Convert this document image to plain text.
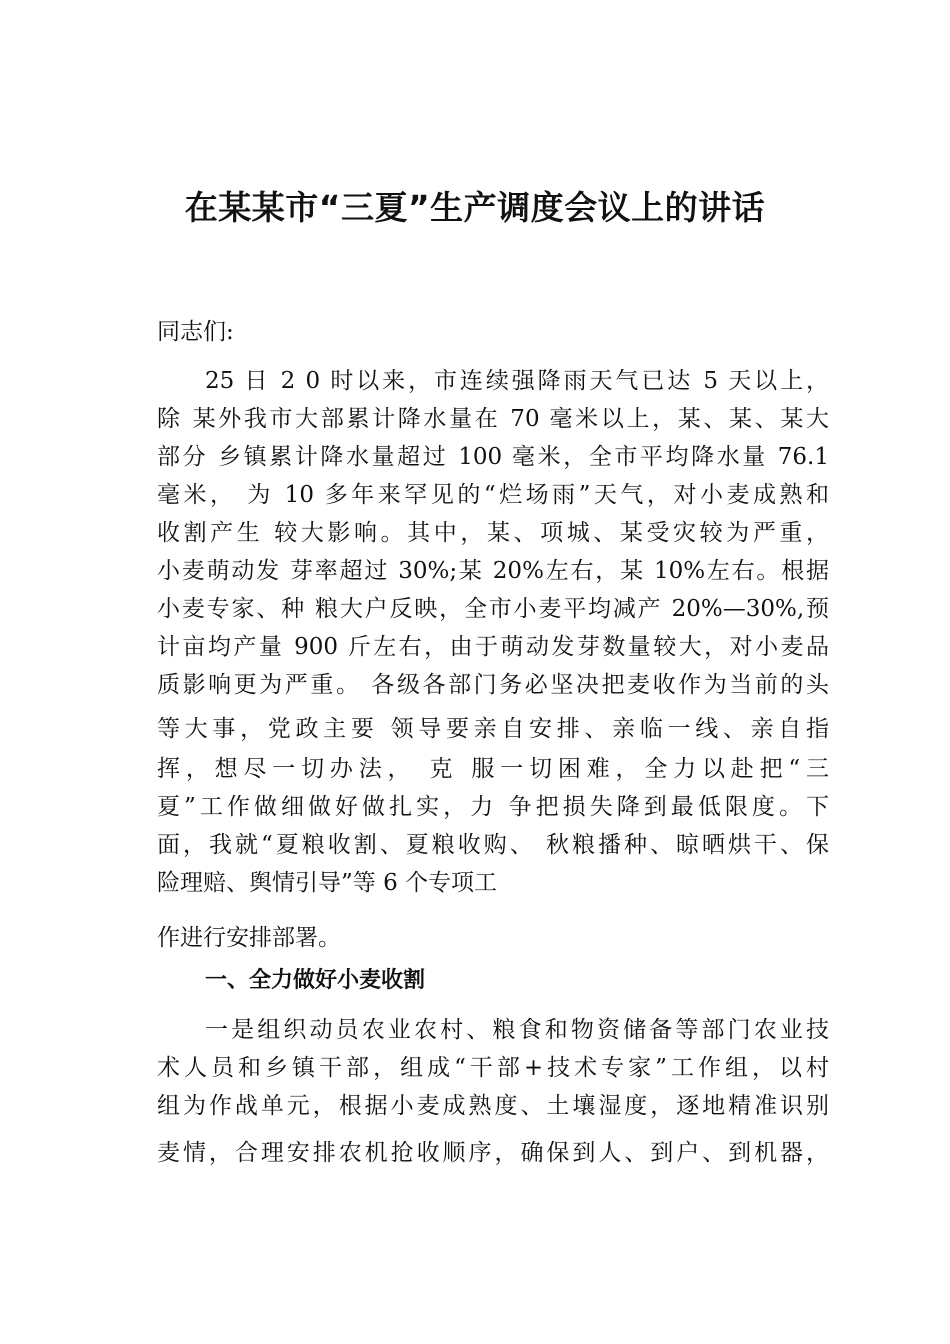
在某某市“三夏”生产调度会议上的讲话
同志们:
25 日 2 0 时以来，市连续强降雨天气已达 5 天以上，
除 某外我市大部累计降水量在 70 毫米以上，某、某、某大
部分 乡镇累计降水量超过 100 毫米，全市平均降水量 76.1
毫米， 为 10 多年来罕见的“烂场雨”天气，对小麦成熟和
收割产生 较大影响。其中，某、项城、某受灾较为严重，
小麦萌动发 芽率超过 30%;某 20%左右，某 10%左右。根据
小麦专家、种 粮大户反映，全市小麦平均减产 20%—30%,预
计亩均产量 900 斤左右，由于萌动发芽数量较大，对小麦品
质影响更为严重。 各级各部门务必坚决把麦收作为当前的头
等大事，党政主要 领导要亲自安排、亲临一线、亲自指
挥，想尽一切办法， 克 服一切困难，全力以赴把“三
夏”工作做细做好做扎实，力 争把损失降到最低限度。下
面，我就“夏粮收割、夏粮收购、 秋粮播种、晾晒烘干、保
险理赔、舆情引导”等 6 个专项工
作进行安排部署。
一、全力做好小麦收割
一是组织动员农业农村、粮食和物资储备等部门农业技
术人员和乡镇干部，组成“干部+技术专家”工作组，以村
组为作战单元，根据小麦成熟度、土壤湿度，逐地精准识别
麦情，合理安排农机抢收顺序，确保到人、到户、到机器，
